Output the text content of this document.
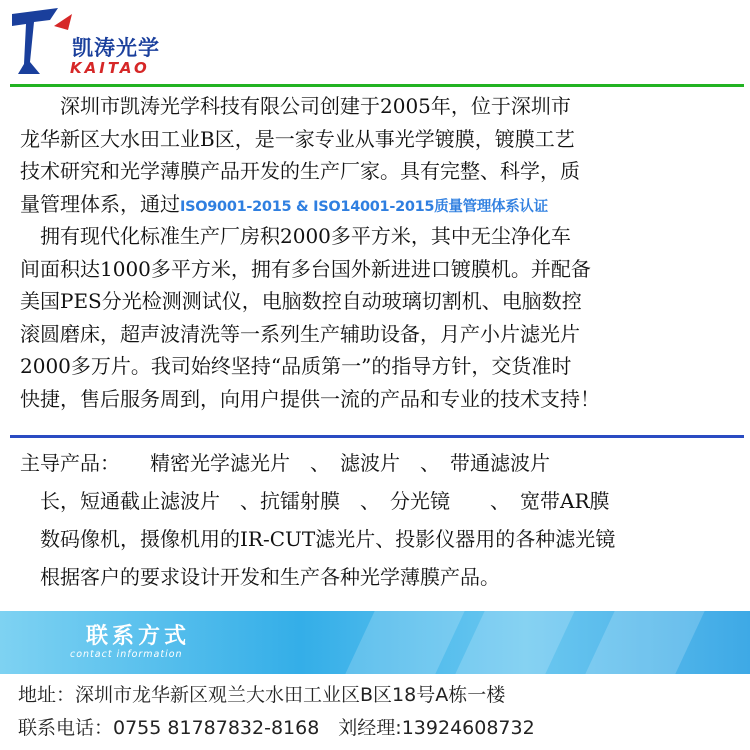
凯涛光学
KAITAO
　　深圳市凯涛光学科技有限公司创建于2005年，位于深圳市
龙华新区大水田工业B区，是一家专业从事光学镀膜，镀膜工艺
技术研究和光学薄膜产品开发的生产厂家。具有完整、科学，质
量管理体系，通过ISO9001-2015 & ISO14001-2015质量管理体系认证
　拥有现代化标准生产厂房积2000多平方米，其中无尘净化车
间面积达1000多平方米，拥有多台国外新进进口镀膜机。并配备
美国PES分光检测测试仪，电脑数控自动玻璃切割机、电脑数控
滚圆磨床，超声波清洗等一系列生产辅助设备，月产小片滤光片
2000多万片。我司始终坚持“品质第一”的指导方针，交货准时
快捷，售后服务周到，向用户提供一流的产品和专业的技术支持！
主导产品：　　精密光学滤光片　、　滤波片　、　带通滤波片
　长，短通截止滤波片　、抗镭射膜　、　分光镜　　、　宽带AR膜
　数码像机，摄像机用的IR-CUT滤光片、投影仪器用的各种滤光镜
　根据客户的要求设计开发和生产各种光学薄膜产品。
联系方式
contact information
地址：深圳市龙华新区观兰大水田工业区B区18号A栋一楼
联系电话：0755 81787832-8168　刘经理:13924608732
